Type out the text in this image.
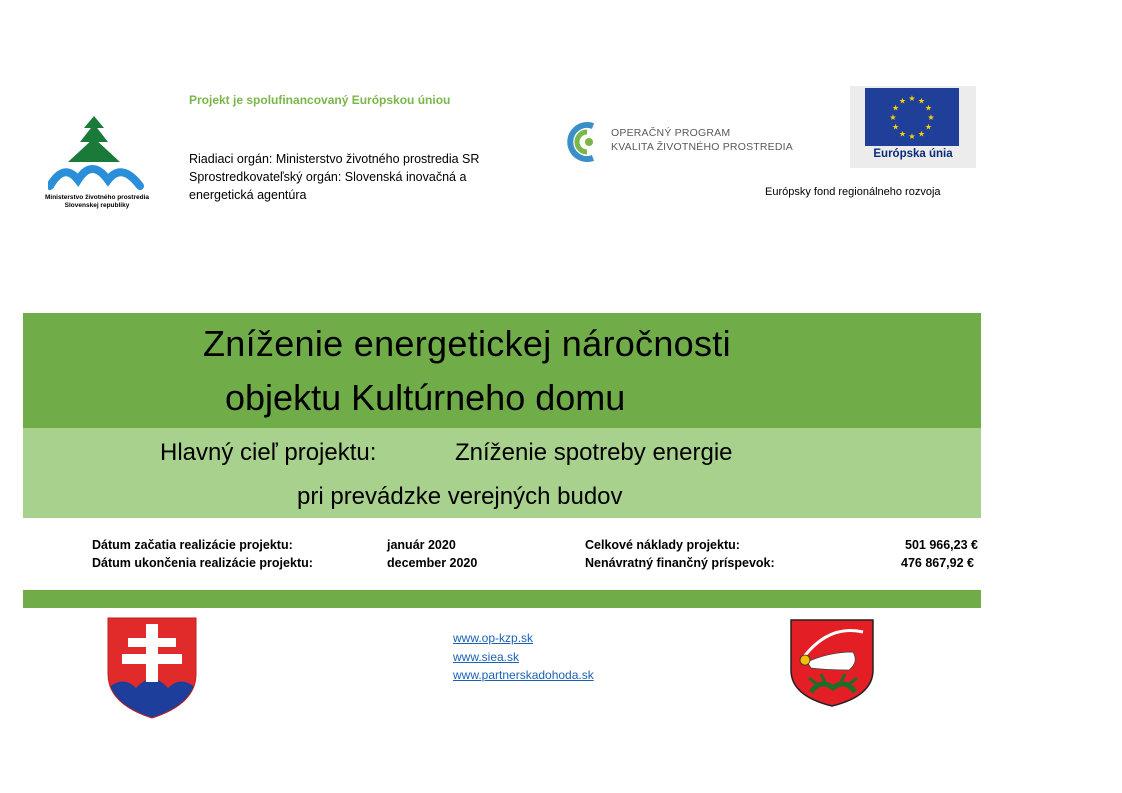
Ministerstvo životného prostredia
Slovenskej republiky
Projekt je spolufinancovaný Európskou úniou
Riadiaci orgán: Ministerstvo životného prostredia SR
Sprostredkovateľský orgán: Slovenská inovačná a
energetická agentúra
OPERAČNÝ PROGRAM
KVALITA ŽIVOTNÉHO PROSTREDIA
★ ★
★
★
★
★
★
★
★
★
★
★
Európska únia
Európsky fond regionálneho rozvoja
Zníženie energetickej náročnosti
objektu Kultúrneho domu
Hlavný cieľ projektu:	Zníženie spotreby energie
pri prevádzke verejných budov
Dátum začatia realizácie projektu:	január 2020
Dátum ukončenia realizácie projektu:	december 2020
Celkové náklady projektu:	501 966,23 €
Nenávratný finančný príspevok:	476 867,92 €
www.op-kzp.sk
www.siea.sk
www.partnerskadohoda.sk
